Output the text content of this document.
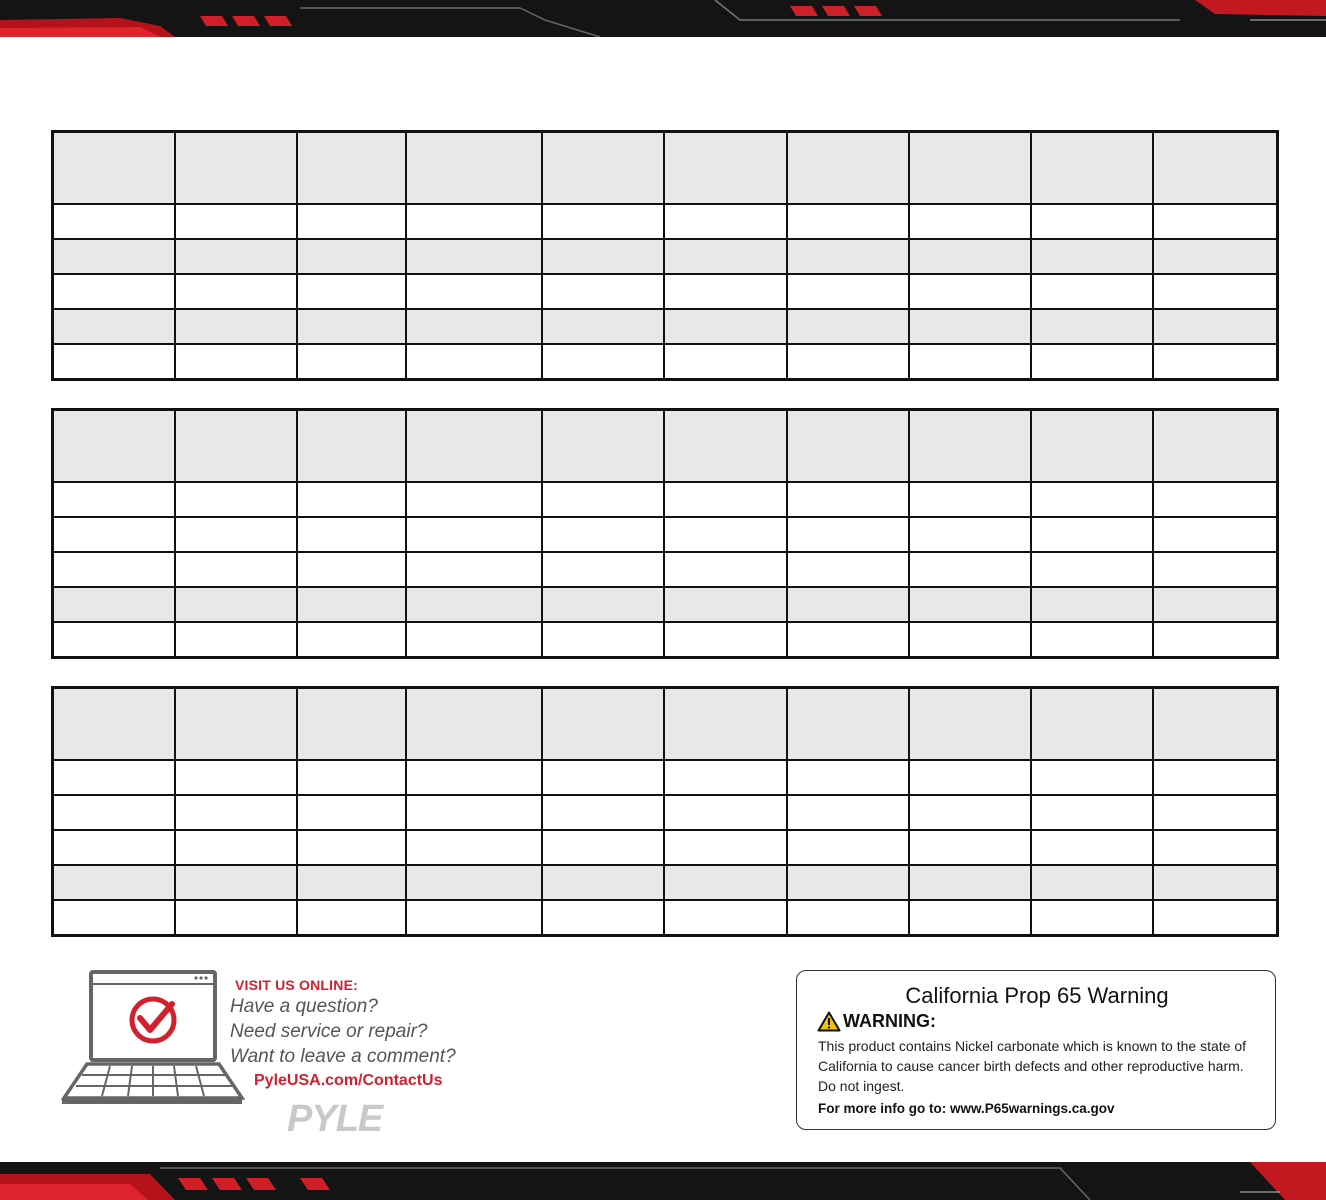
VISIT US ONLINE:

Have a question?

Need service or repair?

Want to leave a comment?

PyleUSA.com/ContactUs

PYLE

California Prop 65 Warning

WARNING:

This product contains Nickel carbonate which is known to the state of California to cause cancer birth defects and other reproductive harm. Do not ingest.

For more info go to: www.P65warnings.ca.gov
